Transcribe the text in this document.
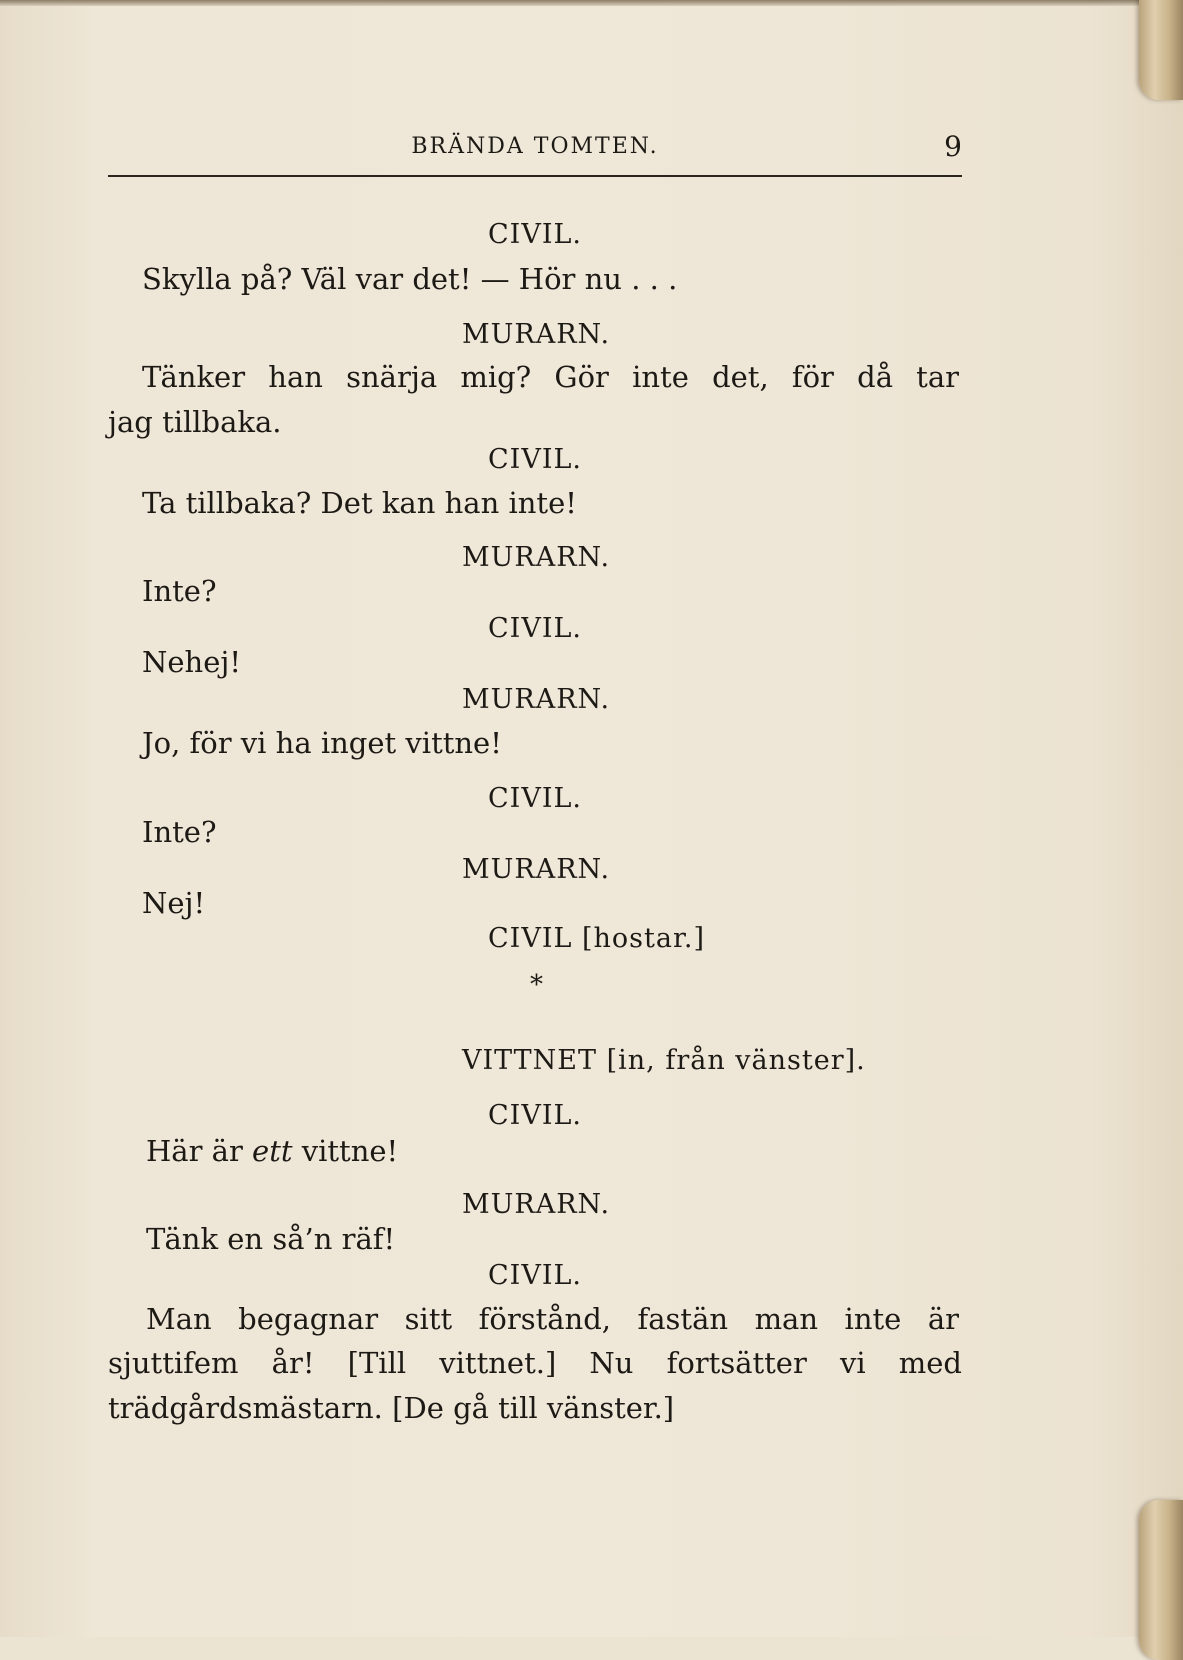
BRÄNDA TOMTEN.	9
CIVIL.
Skylla på? Väl var det! — Hör nu . . .
MURARN.
Tänker han snärja mig? Gör inte det, för då tar
jag tillbaka.
CIVIL.
Ta tillbaka? Det kan han inte!
MURARN.
Inte?
CIVIL.
Nehej!
MURARN.
Jo, för vi ha inget vittne!
CIVIL.
Inte?
MURARN.
Nej!
CIVIL [hostar.]
*
VITTNET [in, från vänster].
CIVIL.
Här är ett vittne!
MURARN.
Tänk en så’n räf!
CIVIL.
Man begagnar sitt förstånd, fastän man inte är
sjuttifem år! [Till vittnet.] Nu fortsätter vi med
trädgårdsmästarn. [De gå till vänster.]
